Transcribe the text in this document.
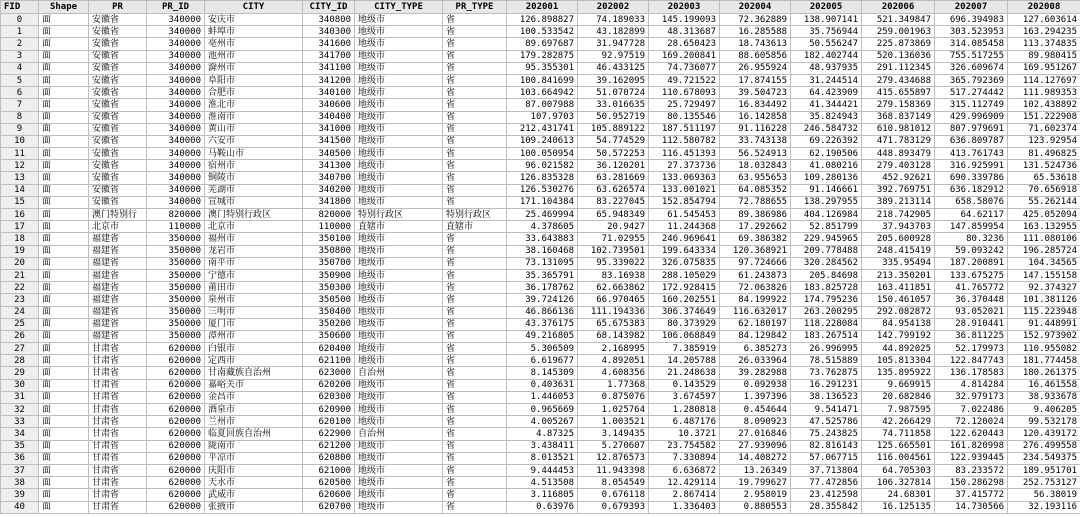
FID	Shape	PR	PR_ID	CITY	CITY_ID	CITY_TYPE	PR_TYPE	202001	202002	202003	202004	202005	202006	202007	202008
0	面	安徽省	340000	安庆市	340800	地级市	省	126.898827	74.189033	145.199093	72.362889	138.907141	521.349847	696.394983	127.603614
1	面	安徽省	340000	蚌埠市	340300	地级市	省	100.533542	43.182899	48.313687	16.285588	35.756944	259.001963	303.523953	163.294235
2	面	安徽省	340000	亳州市	341600	地级市	省	89.697687	31.947728	28.650423	18.743613	50.556247	225.873869	314.085458	113.374835
3	面	安徽省	340000	池州市	341700	地级市	省	179.282875	92.97519	169.200841	88.605856	182.402744	520.136036	755.517255	89.980415
4	面	安徽省	340000	滁州市	341100	地级市	省	95.355301	46.433125	74.736077	26.955924	48.937935	291.112345	326.609674	169.951267
5	面	安徽省	340000	阜阳市	341200	地级市	省	100.841699	39.162095	49.721522	17.874155	31.244514	279.434688	365.792369	114.127697
6	面	安徽省	340000	合肥市	340100	地级市	省	103.664942	51.070724	110.678093	39.504723	64.423909	415.655897	517.274442	111.989353
7	面	安徽省	340000	淮北市	340600	地级市	省	87.007988	33.016635	25.729497	16.834492	41.344421	279.158369	315.112749	102.438892
8	面	安徽省	340000	淮南市	340400	地级市	省	107.9703	50.952719	80.135546	16.142858	35.824943	368.837149	429.996909	151.222908
9	面	安徽省	340000	黄山市	341000	地级市	省	212.431741	105.889122	187.511197	91.116228	246.584732	610.981012	807.979691	71.602374
10	面	安徽省	340000	六安市	341500	地级市	省	109.240613	54.774529	112.580782	33.743138	69.226392	471.783129	636.809787	123.92954
11	面	安徽省	340000	马鞍山市	340500	地级市	省	100.050954	50.572253	116.451393	56.524913	62.190506	448.893479	413.761743	81.496825
12	面	安徽省	340000	宿州市	341300	地级市	省	96.021582	36.120201	27.373736	18.032843	41.080216	279.403128	316.925991	131.524736
13	面	安徽省	340000	铜陵市	340700	地级市	省	126.835328	63.281669	133.069363	63.955653	109.280136	452.92621	690.339786	65.53618
14	面	安徽省	340000	芜湖市	340200	地级市	省	126.530276	63.626574	133.001021	64.085352	91.146661	392.769751	636.182912	70.656918
15	面	安徽省	340000	宣城市	341800	地级市	省	171.104384	83.227045	152.854794	72.788655	138.297955	389.213114	658.58076	55.262144
16	面	澳门特别行	820000	澳门特别行政区	820000	特别行政区	特别行政区	25.469994	65.948349	61.545453	89.386986	404.126984	218.742905	64.62117	425.052094
17	面	北京市	110000	北京市	110000	直辖市	直辖市	4.378605	20.9427	11.244368	17.292662	52.851799	37.943703	147.859954	163.132955
18	面	福建省	350000	福州市	350100	地级市	省	33.643883	71.02955	246.969641	69.386382	229.945965	205.600928	80.3236	111.080106
19	面	福建省	350000	龙岩市	350800	地级市	省	38.160468	102.739501	199.643334	120.368921	209.778488	248.415419	59.093242	196.285724
20	面	福建省	350000	南平市	350700	地级市	省	73.131095	95.339022	326.075835	97.724666	320.284562	335.95494	187.200891	104.34565
21	面	福建省	350000	宁德市	350900	地级市	省	35.365791	83.16938	288.105029	61.243873	205.84698	213.350201	133.675275	147.155158
22	面	福建省	350000	莆田市	350300	地级市	省	36.178762	62.663862	172.928415	72.063826	183.825728	163.411851	41.765772	92.374327
23	面	福建省	350000	泉州市	350500	地级市	省	39.724126	66.970465	160.202551	84.199922	174.795236	150.461057	36.370448	101.381126
24	面	福建省	350000	三明市	350400	地级市	省	46.866136	111.194336	306.374649	116.632017	263.200295	292.082872	93.052021	115.223948
25	面	福建省	350000	厦门市	350200	地级市	省	43.376175	65.675383	80.373929	62.180197	118.228084	84.954138	28.910441	91.448991
26	面	福建省	350000	漳州市	350600	地级市	省	49.216805	68.143982	106.068849	84.129842	183.267514	142.799192	36.811225	152.973902
27	面	甘肃省	620000	白银市	620400	地级市	省	5.306509	2.168995	7.385919	6.385273	26.996995	44.892025	52.179973	110.955082
28	面	甘肃省	620000	定西市	621100	地级市	省	6.619677	4.892051	14.205788	26.033964	78.515889	105.813304	122.847743	181.774458
29	面	甘肃省	620000	甘南藏族自治州	623000	自治州	省	8.145309	4.608356	21.248638	39.282988	73.762875	135.895922	136.178583	180.261375
30	面	甘肃省	620000	嘉峪关市	620200	地级市	省	0.403631	1.77368	0.143529	0.092938	16.291231	9.669915	4.814284	16.461558
31	面	甘肃省	620000	金昌市	620300	地级市	省	1.446053	0.875076	3.674597	1.397396	38.136523	20.682846	32.979173	38.933678
32	面	甘肃省	620000	酒泉市	620900	地级市	省	0.965669	1.025764	1.280818	0.454644	9.541471	7.987595	7.022486	9.406205
33	面	甘肃省	620000	兰州市	620100	地级市	省	4.005267	1.003521	6.487176	8.090923	47.525786	42.266429	72.120024	99.532178
34	面	甘肃省	620000	临夏回族自治州	622900	自治州	省	4.87325	3.149435	10.3721	27.016846	75.243825	74.711858	122.620443	120.439172
35	面	甘肃省	620000	陇南市	621200	地级市	省	3.438411	5.270607	23.754582	27.939096	82.816143	125.665501	161.820998	276.499558
36	面	甘肃省	620000	平凉市	620800	地级市	省	8.013521	12.876573	7.330894	14.408272	57.067715	116.004561	122.939445	234.549375
37	面	甘肃省	620000	庆阳市	621000	地级市	省	9.444453	11.943398	6.636872	13.26349	37.713804	64.705303	83.233572	189.951701
38	面	甘肃省	620000	天水市	620500	地级市	省	4.513508	8.054549	12.429114	19.799627	77.472856	106.327814	150.286298	252.753127
39	面	甘肃省	620000	武威市	620600	地级市	省	3.116805	0.676118	2.867414	2.958019	23.412598	24.68301	37.415772	56.38019
40	面	甘肃省	620000	张掖市	620700	地级市	省	0.63976	0.679393	1.336403	0.880553	28.355842	16.125135	14.730566	32.193116
